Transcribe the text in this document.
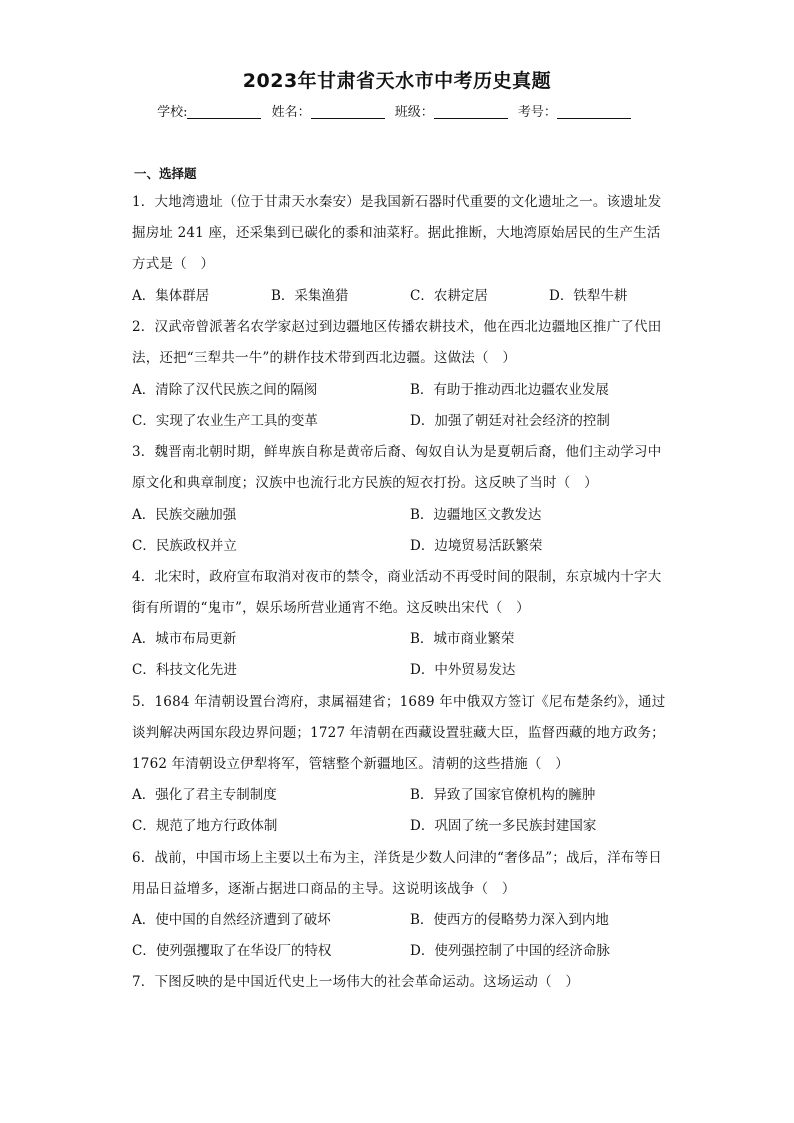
2023年甘肃省天水市中考历史真题
学校:	姓名：	班级：	考号：
一、选择题
1．大地湾遗址（位于甘肃天水秦安）是我国新石器时代重要的文化遗址之一。该遗址发掘房址 241 座，还采集到已碳化的黍和油菜籽。据此推断，大地湾原始居民的生产生活方式是（　）
A．集体群居	B．采集渔猎	C．农耕定居	D．铁犁牛耕
2．汉武帝曾派著名农学家赵过到边疆地区传播农耕技术，他在西北边疆地区推广了代田法，还把“三犁共一牛”的耕作技术带到西北边疆。这做法（　）
A．清除了汉代民族之间的隔阂	B．有助于推动西北边疆农业发展
C．实现了农业生产工具的变革	D．加强了朝廷对社会经济的控制
3．魏晋南北朝时期，鲜卑族自称是黄帝后裔、匈奴自认为是夏朝后裔，他们主动学习中原文化和典章制度；汉族中也流行北方民族的短衣打扮。这反映了当时（　）
A．民族交融加强	B．边疆地区文教发达
C．民族政权并立	D．边境贸易活跃繁荣
4．北宋时，政府宣布取消对夜市的禁令，商业活动不再受时间的限制，东京城内十字大街有所谓的“鬼市”，娱乐场所营业通宵不绝。这反映出宋代（　）
A．城市布局更新	B．城市商业繁荣
C．科技文化先进	D．中外贸易发达
5．1684 年清朝设置台湾府，隶属福建省；1689 年中俄双方签订《尼布楚条约》，通过谈判解决两国东段边界问题；1727 年清朝在西藏设置驻藏大臣，监督西藏的地方政务；1762 年清朝设立伊犁将军，管辖整个新疆地区。清朝的这些措施（　）
A．强化了君主专制制度	B．异致了国家官僚机构的臃肿
C．规范了地方行政体制	D．巩固了统一多民族封建国家
6．战前，中国市场上主要以土布为主，洋货是少数人问津的“奢侈品”；战后，洋布等日用品日益增多，逐渐占据进口商品的主导。这说明该战争（　）
A．使中国的自然经济遭到了破坏	B．使西方的侵略势力深入到内地
C．使列强攫取了在华设厂的特权	D．使列强控制了中国的经济命脉
7．下图反映的是中国近代史上一场伟大的社会革命运动。这场运动（　）
